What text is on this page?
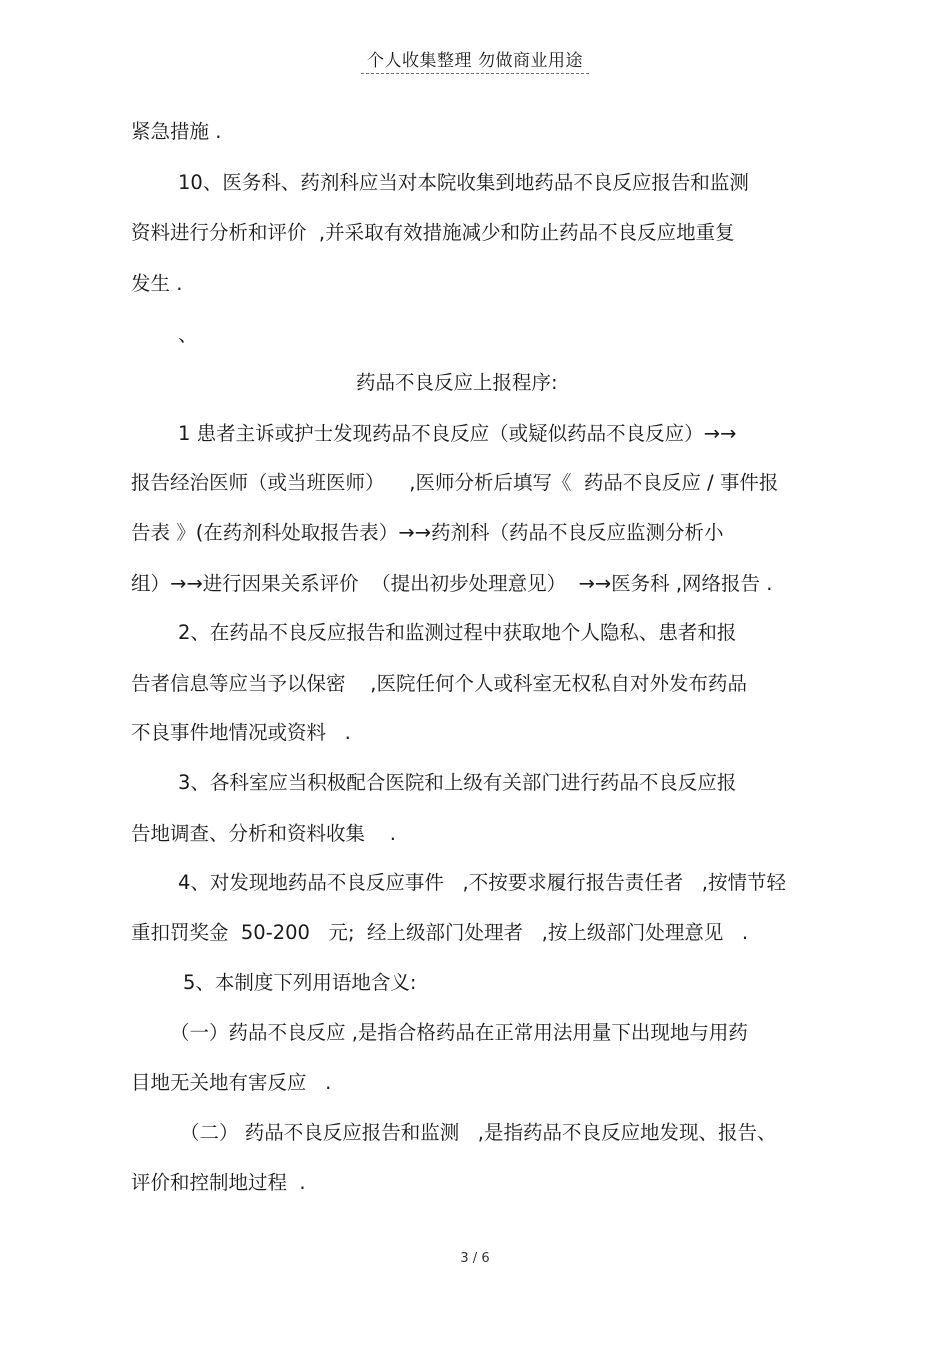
个人收集整理 勿做商业用途
紧急措施 .
10、医务科、药剂科应当对本院收集到地药品不良反应报告和监测
资料进行分析和评价  ,并采取有效措施减少和防止药品不良反应地重复
发生 .
、
药品不良反应上报程序:
1 患者主诉或护士发现药品不良反应（或疑似药品不良反应）→→
报告经治医师（或当班医师）    ,医师分析后填写《  药品不良反应 / 事件报
告表 》(在药剂科处取报告表）→→药剂科（药品不良反应监测分析小
组）→→进行因果关系评价  （提出初步处理意见）  →→医务科 ,网络报告 .
2、在药品不良反应报告和监测过程中获取地个人隐私、患者和报
告者信息等应当予以保密    ,医院任何个人或科室无权私自对外发布药品
不良事件地情况或资料   .
3、各科室应当积极配合医院和上级有关部门进行药品不良反应报
告地调查、分析和资料收集    .
4、对发现地药品不良反应事件   ,不按要求履行报告责任者   ,按情节轻
重扣罚奖金  50-200   元;  经上级部门处理者   ,按上级部门处理意见   .
5、本制度下列用语地含义:
（一）药品不良反应 ,是指合格药品在正常用法用量下出现地与用药
目地无关地有害反应   .
（二） 药品不良反应报告和监测   ,是指药品不良反应地发现、报告、
评价和控制地过程  .
3 / 6
